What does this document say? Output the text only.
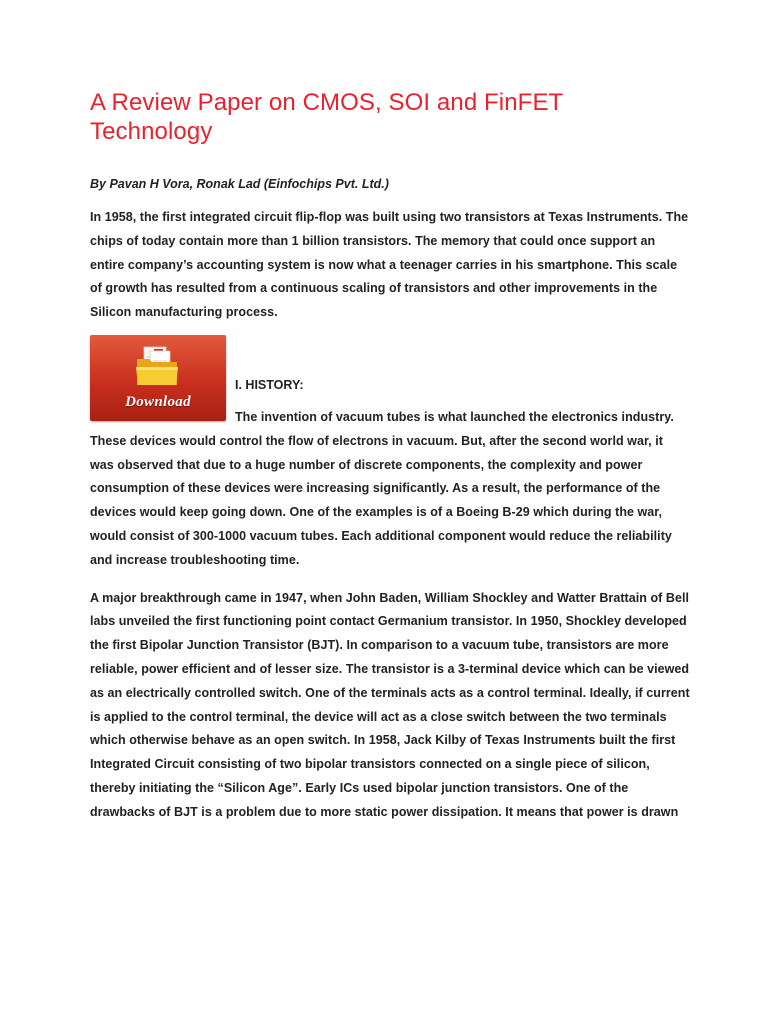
A Review Paper on CMOS, SOI and FinFET Technology
By Pavan H Vora, Ronak Lad (Einfochips Pvt. Ltd.)

In 1958, the first integrated circuit flip-flop was built using two transistors at Texas Instruments. The chips of today contain more than 1 billion transistors. The memory that could once support an entire company’s accounting system is now what a teenager carries in his smartphone. This scale of growth has resulted from a continuous scaling of transistors and other improvements in the Silicon manufacturing process.

Download
I. HISTORY:

The invention of vacuum tubes is what launched the electronics industry. These devices would control the flow of electrons in vacuum. But, after the second world war, it was observed that due to a huge number of discrete components, the complexity and power consumption of these devices were increasing significantly. As a result, the performance of the devices would keep going down. One of the examples is of a Boeing B-29 which during the war, would consist of 300-1000 vacuum tubes. Each additional component would reduce the reliability and increase troubleshooting time.

A major breakthrough came in 1947, when John Baden, William Shockley and Watter Brattain of Bell labs unveiled the first functioning point contact Germanium transistor. In 1950, Shockley developed the first Bipolar Junction Transistor (BJT). In comparison to a vacuum tube, transistors are more reliable, power efficient and of lesser size. The transistor is a 3-terminal device which can be viewed as an electrically controlled switch. One of the terminals acts as a control terminal. Ideally, if current is applied to the control terminal, the device will act as a close switch between the two terminals which otherwise behave as an open switch. In 1958, Jack Kilby of Texas Instruments built the first Integrated Circuit consisting of two bipolar transistors connected on a single piece of silicon, thereby initiating the “Silicon Age”. Early ICs used bipolar junction transistors. One of the drawbacks of BJT is a problem due to more static power dissipation. It means that power is drawn
